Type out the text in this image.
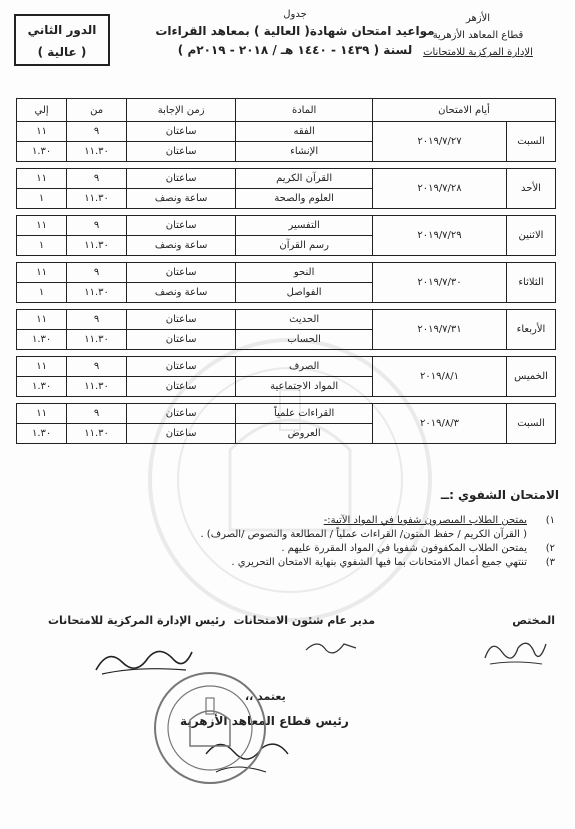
الأزهر
قطاع المعاهد الأزهرية
الإدارة المركزية للامتحانات
جدول
مواعيد امتحان شهادة( العالية ) بمعاهد القراءات
لسنة ( ١٤٣٩ - ١٤٤٠ هـ / ٢٠١٨ - ٢٠١٩م )
الدور الثاني
( عالية )
أيام الامتحان		المادة	زمن الإجابة	من	إلي
السبت	٢٠١٩/٧/٢٧	الفقه	ساعتان	٩	١١
		الإنشاء	ساعتان	١١.٣٠	١.٣٠

الأحد	٢٠١٩/٧/٢٨	القرآن الكريم	ساعتان	٩	١١
		العلوم والصحة	ساعة ونصف	١١.٣٠	١

الاثنين	٢٠١٩/٧/٢٩	التفسير	ساعتان	٩	١١
		رسم القرآن	ساعة ونصف	١١.٣٠	١

الثلاثاء	٢٠١٩/٧/٣٠	النحو	ساعتان	٩	١١
		الفواصل	ساعة ونصف	١١.٣٠	١

الأربعاء	٢٠١٩/٧/٣١	الحديث	ساعتان	٩	١١
		الحساب	ساعتان	١١.٣٠	١.٣٠

الخميس	٢٠١٩/٨/١	الصرف	ساعتان	٩	١١
		المواد الاجتماعية	ساعتان	١١.٣٠	١.٣٠

السبت	٢٠١٩/٨/٣	القراءات علمياً	ساعتان	٩	١١
		العروض	ساعتان	١١.٣٠	١.٣٠
الامتحان الشفوي :ــ
١)
يمتحن الطلاب المبصرون شفويا في المواد الآتية:-
( القرآن الكريم / حفظ المتون/ القراءات عملياً / المطالعة والنصوص /الصرف) .
٢)
يمتحن الطلاب المكفوفون شفويا في المواد المقررة عليهم .
٣)
تنتهي جميع أعمال الامتحانات بما فيها الشفوي بنهاية الامتحان التحريري .
المختص
مدير عام شئون الامتحانات
رئيس الإدارة المركزية للامتحانات
يعتمد ،،
رئيس قطاع المعاهد الأزهرية
